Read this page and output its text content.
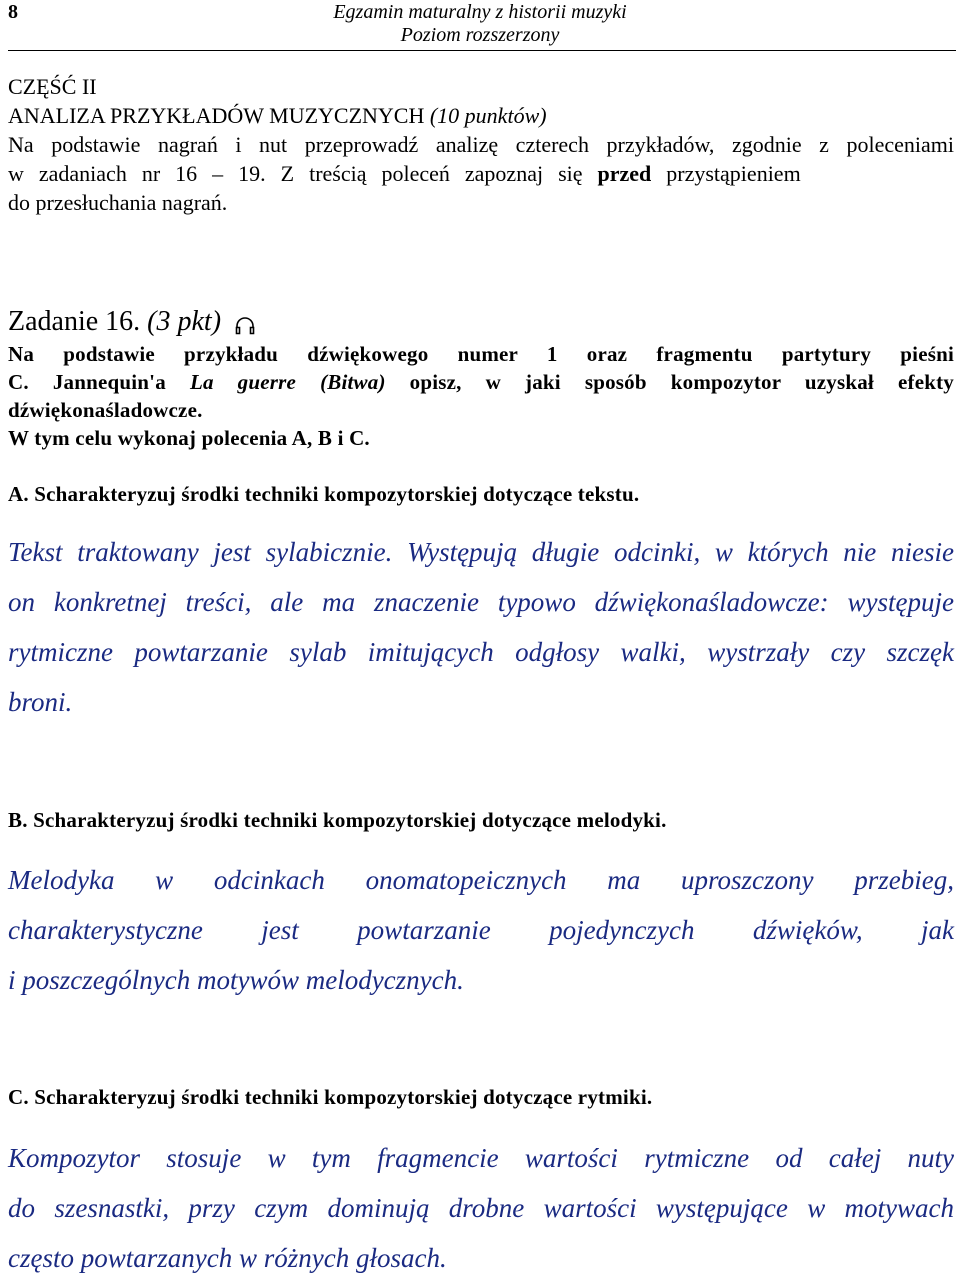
8	Egzamin maturalny z historii muzyki
Poziom rozszerzony
CZĘŚĆ II
ANALIZA PRZYKŁADÓW MUZYCZNYCH (10 punktów)
Na podstawie nagrań i nut przeprowadź analizę czterech przykładów, zgodnie z poleceniami
w zadaniach nr 16 – 19. Z treścią poleceń zapoznaj się przed przystąpieniem
do przesłuchania nagrań.
Zadanie 16. (3 pkt)
Na podstawie przykładu dźwiękowego numer 1 oraz fragmentu partytury pieśni
C. Jannequin'a La guerre (Bitwa) opisz, w jaki sposób kompozytor uzyskał efekty
dźwiękonaśladowcze.
W tym celu wykonaj polecenia A, B i C.
A. Scharakteryzuj środki techniki kompozytorskiej dotyczące tekstu.
Tekst traktowany jest sylabicznie. Występują długie odcinki, w których nie niesie
on konkretnej treści, ale ma znaczenie typowo dźwiękonaśladowcze: występuje
rytmiczne powtarzanie sylab imitujących odgłosy walki, wystrzały czy szczęk
broni.
B. Scharakteryzuj środki techniki kompozytorskiej dotyczące melodyki.
Melodyka w odcinkach onomatopeicznych ma uproszczony przebieg,
charakterystyczne jest powtarzanie pojedynczych dźwięków, jak
i poszczególnych motywów melodycznych.
C. Scharakteryzuj środki techniki kompozytorskiej dotyczące rytmiki.
Kompozytor stosuje w tym fragmencie wartości rytmiczne od całej nuty
do szesnastki, przy czym dominują drobne wartości występujące w motywach
często powtarzanych w różnych głosach.
